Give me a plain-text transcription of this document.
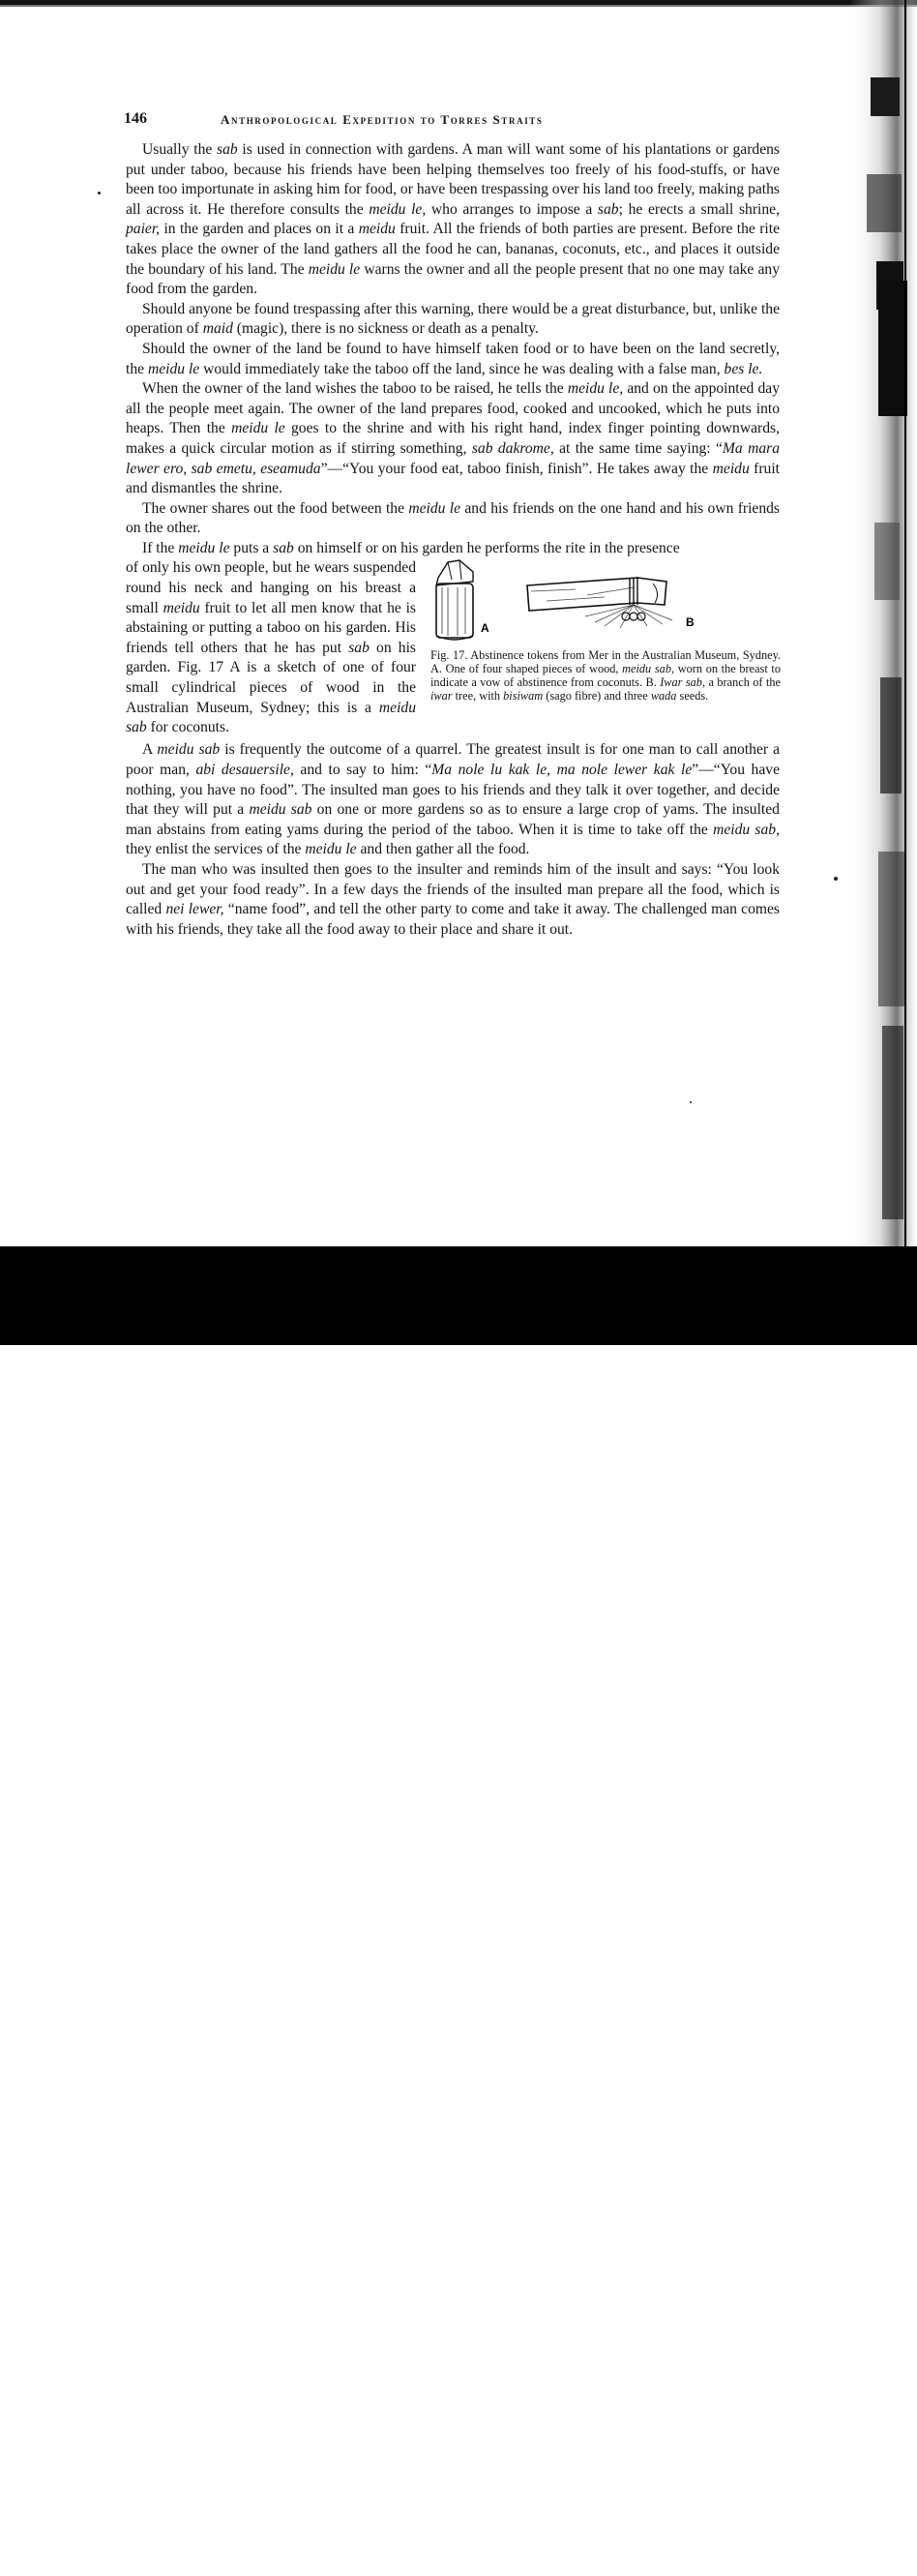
146	Anthropological Expedition to Torres Straits

Usually the sab is used in connection with gardens. A man will want some of his plantations or gardens put under taboo, because his friends have been helping themselves too freely of his food-stuffs, or have been too importunate in asking him for food, or have been trespassing over his land too freely, making paths all across it. He therefore consults the meidu le, who arranges to impose a sab; he erects a small shrine, paier, in the garden and places on it a meidu fruit. All the friends of both parties are present. Before the rite takes place the owner of the land gathers all the food he can, bananas, coconuts, etc., and places it outside the boundary of his land. The meidu le warns the owner and all the people present that no one may take any food from the garden.

Should anyone be found trespassing after this warning, there would be a great disturbance, but, unlike the operation of maid (magic), there is no sickness or death as a penalty.

Should the owner of the land be found to have himself taken food or to have been on the land secretly, the meidu le would immediately take the taboo off the land, since he was dealing with a false man, bes le.

When the owner of the land wishes the taboo to be raised, he tells the meidu le, and on the appointed day all the people meet again. The owner of the land prepares food, cooked and uncooked, which he puts into heaps. Then the meidu le goes to the shrine and with his right hand, index finger pointing downwards, makes a quick circular motion as if stirring something, sab dakrome, at the same time saying: “Ma mara lewer ero, sab emetu, eseamuda”—“You your food eat, taboo finish, finish”. He takes away the meidu fruit and dismantles the shrine.

The owner shares out the food between the meidu le and his friends on the one hand and his own friends on the other.

If the meidu le puts a sab on himself or on his garden he performs the rite in the presence

of only his own people, but he wears suspended round his neck and hanging on his breast a small meidu fruit to let all men know that he is abstaining or putting a taboo on his garden. His friends tell others that he has put sab on his garden. Fig. 17 A is a sketch of one of four small cylindrical pieces of wood in the Australian Museum, Sydney; this is a meidu sab for coconuts.

A	B
Fig. 17. Abstinence tokens from Mer in the Australian Museum, Sydney. A. One of four shaped pieces of wood, meidu sab, worn on the breast to indicate a vow of abstinence from coconuts. B. Iwar sab, a branch of the iwar tree, with bisiwam (sago fibre) and three wada seeds.

A meidu sab is frequently the outcome of a quarrel. The greatest insult is for one man to call another a poor man, abi desauersile, and to say to him: “Ma nole lu kak le, ma nole lewer kak le”—“You have nothing, you have no food”. The insulted man goes to his friends and they talk it over together, and decide that they will put a meidu sab on one or more gardens so as to ensure a large crop of yams. The insulted man abstains from eating yams during the period of the taboo. When it is time to take off the meidu sab, they enlist the services of the meidu le and then gather all the food.

The man who was insulted then goes to the insulter and reminds him of the insult and says: “You look out and get your food ready”. In a few days the friends of the insulted man prepare all the food, which is called nei lewer, “name food”, and tell the other party to come and take it away. The challenged man comes with his friends, they take all the food away to their place and share it out.

alamy	Image ID: P7Y68K
www.alamy.com
